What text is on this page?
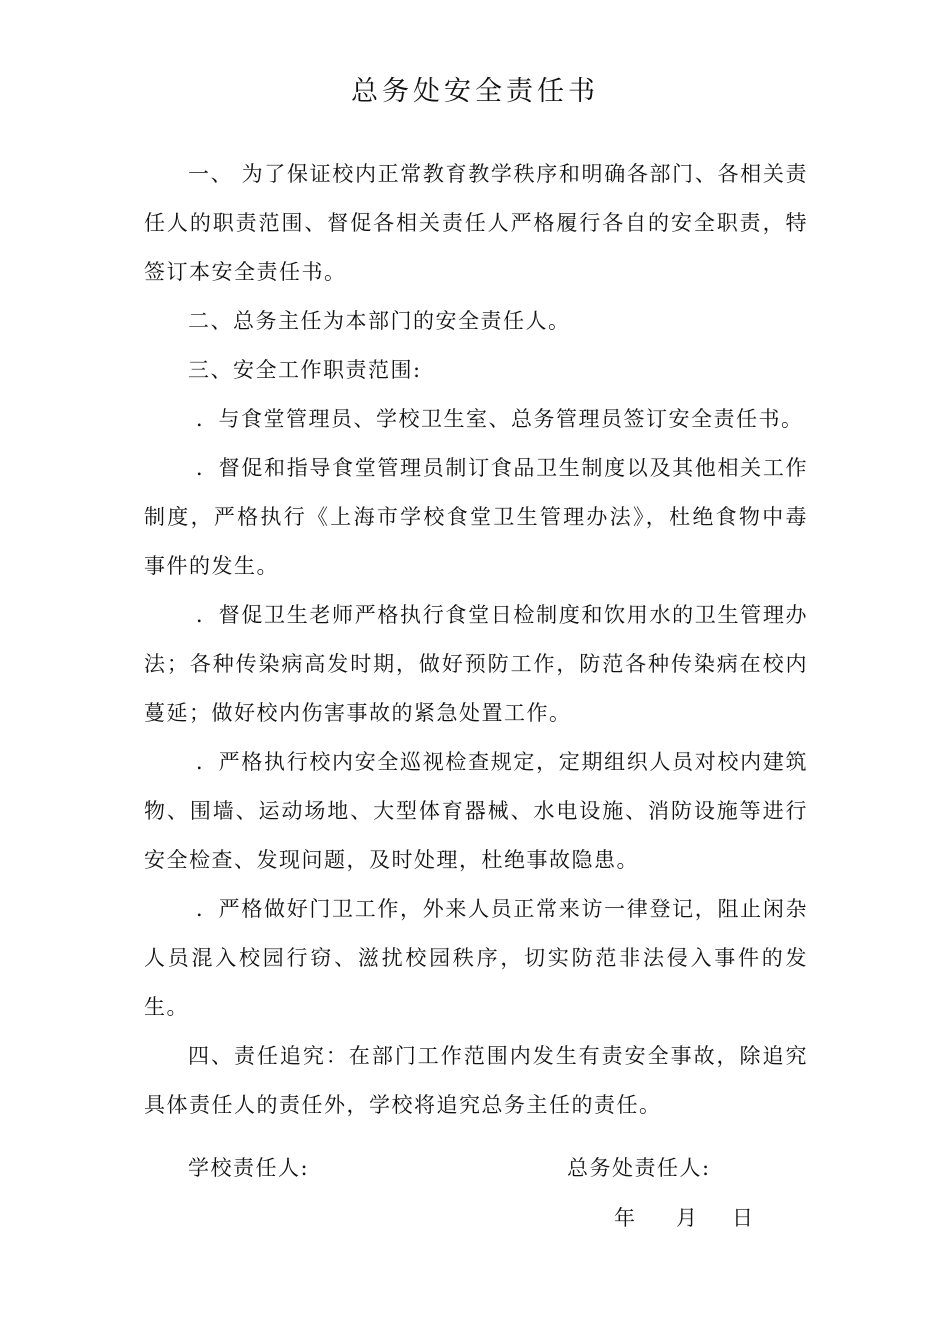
总务处安全责任书

一、 为了保证校内正常教育教学秩序和明确各部门、各相关责任人的职责范围、督促各相关责任人严格履行各自的安全职责，特签订本安全责任书。

二、总务主任为本部门的安全责任人。

三、安全工作职责范围:

．与食堂管理员、学校卫生室、总务管理员签订安全责任书。

．督促和指导食堂管理员制订食品卫生制度以及其他相关工作制度，严格执行《上海市学校食堂卫生管理办法》，杜绝食物中毒事件的发生。

．督促卫生老师严格执行食堂日检制度和饮用水的卫生管理办法；各种传染病高发时期，做好预防工作，防范各种传染病在校内蔓延；做好校内伤害事故的紧急处置工作。

．严格执行校内安全巡视检查规定，定期组织人员对校内建筑物、围墙、运动场地、大型体育器械、水电设施、消防设施等进行安全检查、发现问题，及时处理，杜绝事故隐患。

．严格做好门卫工作，外来人员正常来访一律登记，阻止闲杂人员混入校园行窃、滋扰校园秩序，切实防范非法侵入事件的发生。

四、责任追究：在部门工作范围内发生有责安全事故，除追究具体责任人的责任外，学校将追究总务主任的责任。

学校责任人:	总务处责任人:
年 月 日
